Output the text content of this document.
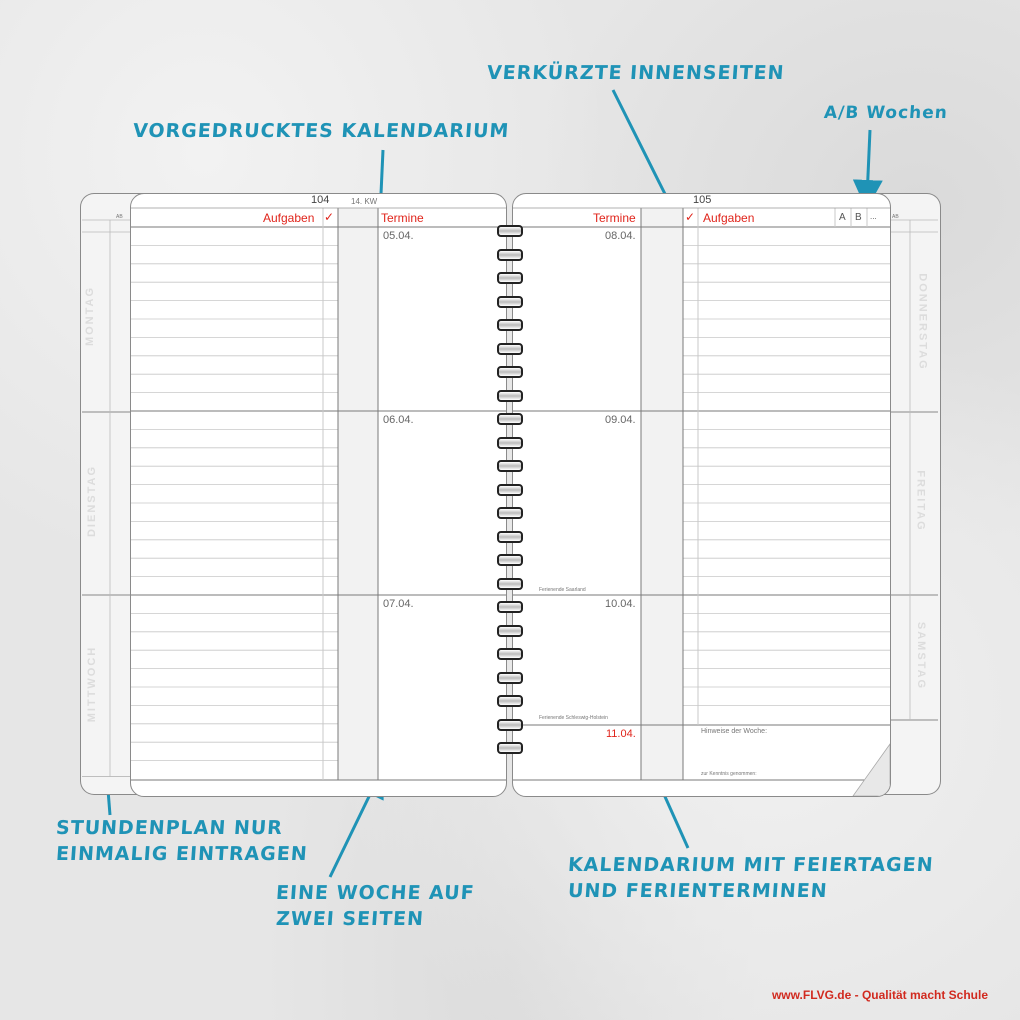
VERKÜRZTE INNENSEITEN
A/B Wochen
VORGEDRUCKTES KALENDARIUM
STUNDENPLAN NUR
EINMALIG EINTRAGEN
EINE WOCHE AUF
ZWEI SEITEN
KALENDARIUM MIT FEIERTAGEN
UND FERIENTERMINEN
AB
MONTAG
DIENSTAG
MITTWOCH
AB
DONNERSTAG
FREITAG
SAMSTAG
104	14. KW
Aufgaben ✓	Termine
05.04.
06.04.
07.04.
105
Termine	✓ Aufgaben	A B ...
08.04.
09.04.
10.04.
11.04.
Ferienende Saarland
Ferienende Schleswig-Holstein
Hinweise der Woche:
zur Kenntnis genommen:
www.FLVG.de - Qualität macht Schule
